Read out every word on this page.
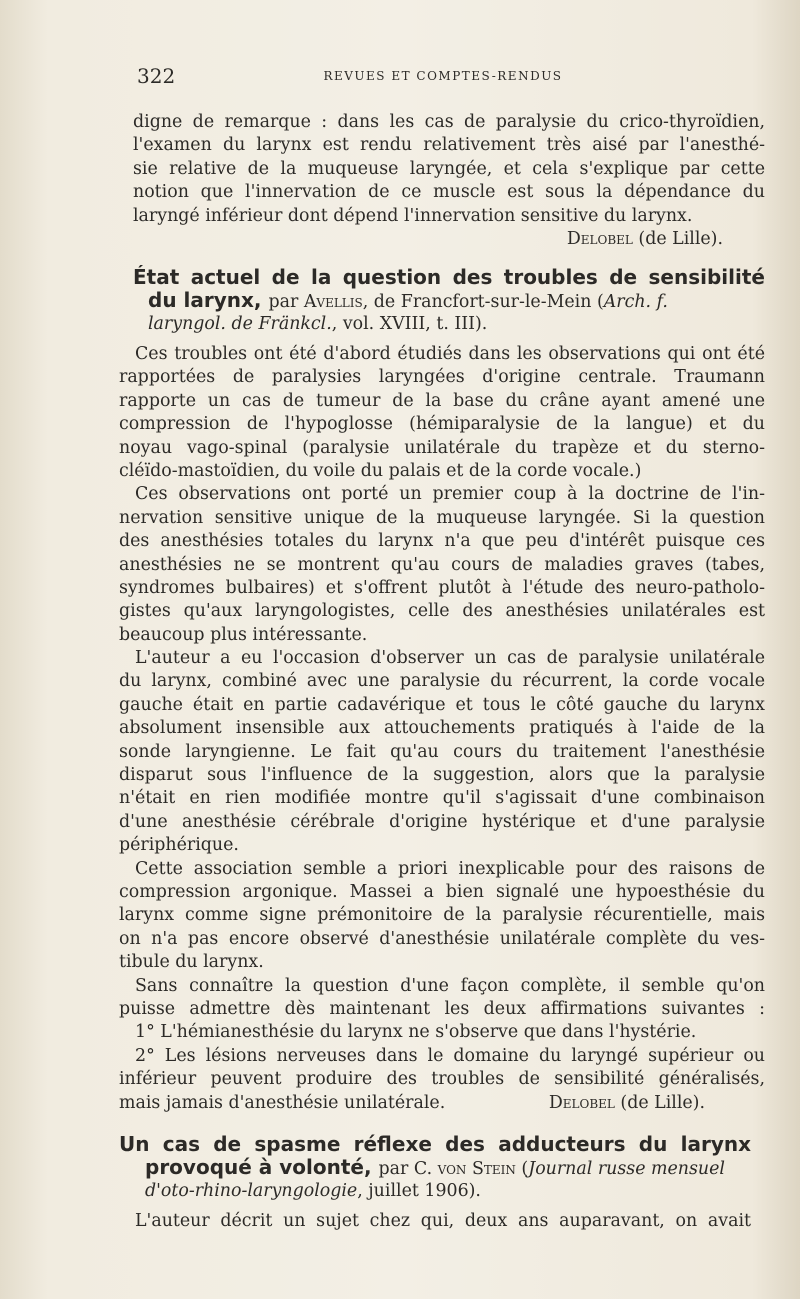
322	REVUES ET COMPTES-RENDUS
digne de remarque : dans les cas de paralysie du crico-thyroïdien,
l'examen du larynx est rendu relativement très aisé par l'anesthé-
sie relative de la muqueuse laryngée, et cela s'explique par cette
notion que l'innervation de ce muscle est sous la dépendance du
laryngé inférieur dont dépend l'innervation sensitive du larynx.
Delobel (de Lille).
État actuel de la question des troubles de sensibilité
du larynx, par Avellis, de Francfort-sur-le-Mein (Arch. f.
laryngol. de Fränkcl., vol. XVIII, t. III).
Ces troubles ont été d'abord étudiés dans les observations qui ont été
rapportées de paralysies laryngées d'origine centrale. Traumann
rapporte un cas de tumeur de la base du crâne ayant amené une
compression de l'hypoglosse (hémiparalysie de la langue) et du
noyau vago-spinal (paralysie unilatérale du trapèze et du sterno-
cléïdo-mastoïdien, du voile du palais et de la corde vocale.)
Ces observations ont porté un premier coup à la doctrine de l'in-
nervation sensitive unique de la muqueuse laryngée. Si la question
des anesthésies totales du larynx n'a que peu d'intérêt puisque ces
anesthésies ne se montrent qu'au cours de maladies graves (tabes,
syndromes bulbaires) et s'offrent plutôt à l'étude des neuro-patholo-
gistes qu'aux laryngologistes, celle des anesthésies unilatérales est
beaucoup plus intéressante.
L'auteur a eu l'occasion d'observer un cas de paralysie unilatérale
du larynx, combiné avec une paralysie du récurrent, la corde vocale
gauche était en partie cadavérique et tous le côté gauche du larynx
absolument insensible aux attouchements pratiqués à l'aide de la
sonde laryngienne. Le fait qu'au cours du traitement l'anesthésie
disparut sous l'influence de la suggestion, alors que la paralysie
n'était en rien modifiée montre qu'il s'agissait d'une combinaison
d'une anesthésie cérébrale d'origine hystérique et d'une paralysie
périphérique.
Cette association semble a priori inexplicable pour des raisons de
compression argonique. Massei a bien signalé une hypoesthésie du
larynx comme signe prémonitoire de la paralysie récurentielle, mais
on n'a pas encore observé d'anesthésie unilatérale complète du ves-
tibule du larynx.
Sans connaître la question d'une façon complète, il semble qu'on
puisse admettre dès maintenant les deux affirmations suivantes :
1° L'hémianesthésie du larynx ne s'observe que dans l'hystérie.
2° Les lésions nerveuses dans le domaine du laryngé supérieur ou
inférieur peuvent produire des troubles de sensibilité généralisés,
mais jamais d'anesthésie unilatérale.	Delobel (de Lille).
Un cas de spasme réflexe des adducteurs du larynx
provoqué à volonté, par C. von Stein (Journal russe mensuel
d'oto-rhino-laryngologie, juillet 1906).
L'auteur décrit un sujet chez qui, deux ans auparavant, on avait
